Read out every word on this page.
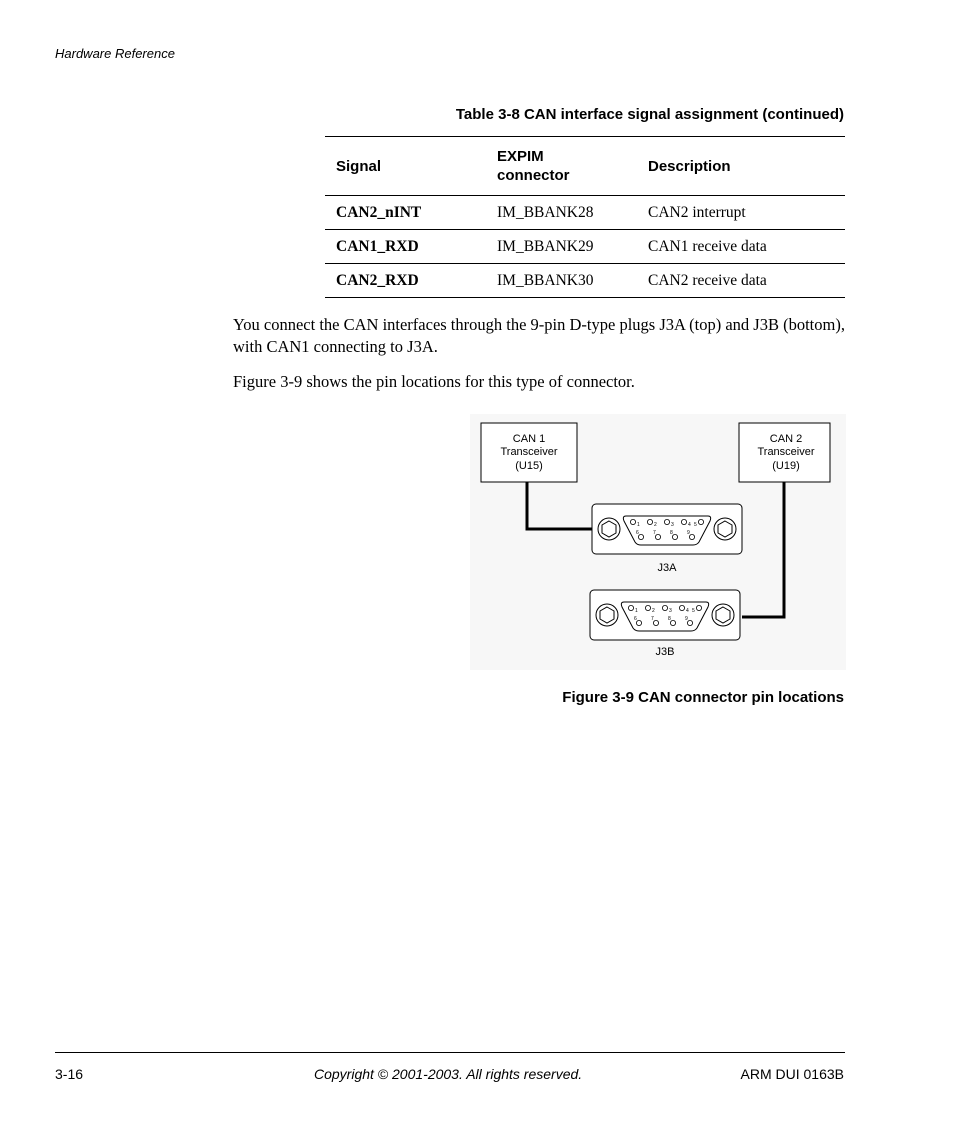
Hardware Reference
Table 3-8 CAN interface signal assignment (continued)
Signal	EXPIM connector	Description
CAN2_nINT	IM_BBANK28	CAN2 interrupt
CAN1_RXD	IM_BBANK29	CAN1 receive data
CAN2_RXD	IM_BBANK30	CAN2 receive data

You connect the CAN interfaces through the 9-pin D-type plugs J3A (top) and J3B (bottom), with CAN1 connecting to J3A.

Figure 3-9 shows the pin locations for this type of connector.

CAN 1
Transceiver
(U15)
CAN 2
Transceiver
(U19)
1	2	3	4 5
6	7	8	9
J3A
1	2	3	4 5
6	7	8	9
J3B
Figure 3-9 CAN connector pin locations
3-16	Copyright © 2001-2003. All rights reserved.	ARM DUI 0163B
